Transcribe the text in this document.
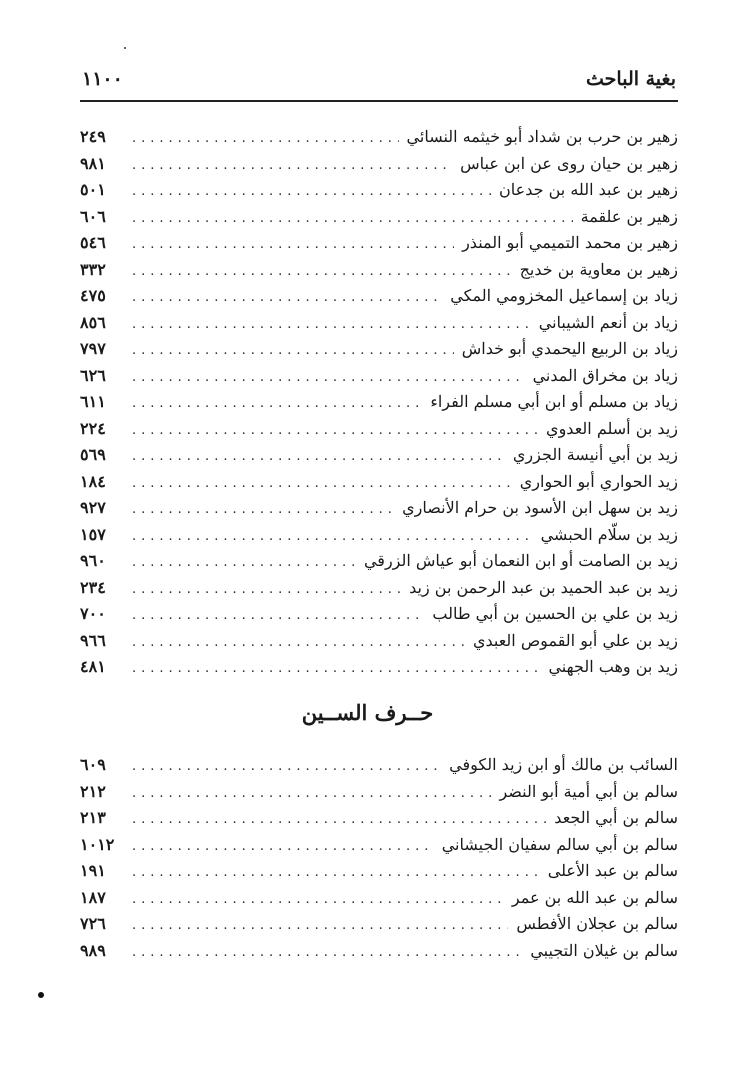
١١٠٠	بغية الباحث
زهير بن حرب بن شداد أبو خيثمه النسائي
.....
٢٤٩
زهير بن حيان روى عن ابن عباس
.....
٩٨١
زهير بن عبد الله بن جدعان
.....
٥٠١
زهير بن علقمة
.....
٦٠٦
زهير بن محمد التميمي أبو المنذر
.....
٥٤٦
زهير بن معاوية بن خديج
.....
٣٣٢
زياد بن إسماعيل المخزومي المكي
.....
٤٧٥
زياد بن أنعم الشيباني
.....
٨٥٦
زياد بن الربيع اليحمدي أبو خداش
.....
٧٩٧
زياد بن مخراق المدني
.....
٦٢٦
زياد بن مسلم أو ابن أبي مسلم الفراء
.....
٦١١
زيد بن أسلم العدوي
.....
٢٢٤
زيد بن أبي أنيسة الجزري
.....
٥٦٩
زيد الحواري أبو الحواري
.....
١٨٤
زيد بن سهل ابن الأسود بن حرام الأنصاري
.....
٩٢٧
زيد بن سلّام الحبشي
.....
١٥٧
زيد بن الصامت أو ابن النعمان أبو عياش الزرقي
.....
٩٦٠
زيد بن عبد الحميد بن عبد الرحمن بن زيد
.....
٢٣٤
زيد بن علي بن الحسين بن أبي طالب
.....
٧٠٠
زيد بن علي أبو القموص العبدي
.....
٩٦٦
زيد بن وهب الجهني
.....
٤٨١
حــرف الســين
السائب بن مالك أو ابن زيد الكوفي
.....
٦٠٩
سالم بن أبي أمية أبو النضر
.....
٢١٢
سالم بن أبي الجعد
.....
٢١٣
سالم بن أبي سالم سفيان الجيشاني
.....
١٠١٢
سالم بن عبد الأعلى
.....
١٩١
سالم بن عبد الله بن عمر
.....
١٨٧
سالم بن عجلان الأفطس
.....
٧٢٦
سالم بن غيلان التجيبي
.....
٩٨٩
